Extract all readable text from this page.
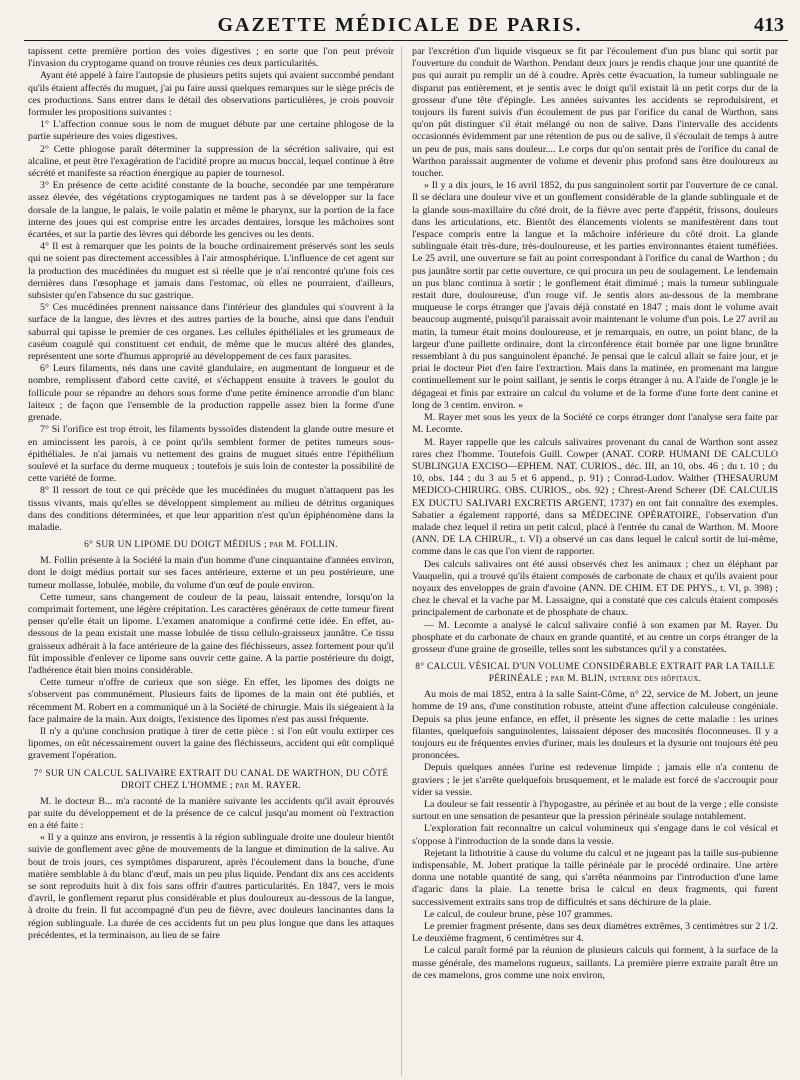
GAZETTE MÉDICALE DE PARIS.	413

tapissent cette première portion des voies digestives ; en sorte que l'on peut prévoir l'invasion du cryptogame quand on trouve réunies ces deux particularités.

Ayant été appelé à faire l'autopsie de plusieurs petits sujets qui avaient succombé pendant qu'ils étaient affectés du muguet, j'ai pu faire aussi quelques remarques sur le siège précis de ces productions. Sans entrer dans le détail des observations particulières, je crois pouvoir formuler les propositions suivantes :

1° L'affection connue sous le nom de muguet débute par une certaine phlogose de la partie supérieure des voies digestives.

2° Cette phlogose paraît déterminer la suppression de la sécrétion salivaire, qui est alcaline, et peut être l'exagération de l'acidité propre au mucus buccal, lequel continue à être sécrété et manifeste sa réaction énergique au papier de tournesol.

3° En présence de cette acidité constante de la bouche, secondée par une température assez élevée, des végétations cryptogamiques ne tardent pas à se développer sur la face dorsale de la langue, le palais, le voile palatin et même le pharynx, sur la portion de la face interne des joues qui est comprise entre les arcades dentaires, lorsque les mâchoires sont écartées, et sur la partie des lèvres qui déborde les gencives ou les dents.

4° Il est à remarquer que les points de la bouche ordinairement préservés sont les seuls qui ne soient pas directement accessibles à l'air atmosphérique. L'influence de cet agent sur la production des mucédinées du muguet est si réelle que je n'ai rencontré qu'une fois ces dernières dans l'œsophage et jamais dans l'estomac, où elles ne pourraient, d'ailleurs, subsister qu'en l'absence du suc gastrique.

5° Ces mucédinées prennent naissance dans l'intérieur des glandules qui s'ouvrent à la surface de la langue, des lèvres et des autres parties de la bouche, ainsi que dans l'enduit saburral qui tapisse le premier de ces organes. Les cellules épithéliales et les grumeaux de caséum coagulé qui constituent cet enduit, de même que le mucus altéré des glandes, représentent une sorte d'humus approprié au développement de ces faux parasites.

6° Leurs filaments, nés dans une cavité glandulaire, en augmentant de longueur et de nombre, remplissent d'abord cette cavité, et s'échappent ensuite à travers le goulot du follicule pour se répandre au dehors sous forme d'une petite éminence arrondie d'un blanc laiteux ; de façon que l'ensemble de la production rappelle assez bien la forme d'une grenade.

7° Si l'orifice est trop étroit, les filaments byssoïdes distendent la glande outre mesure et en amincissent les parois, à ce point qu'ils semblent former de petites tumeurs sous-épithéliales. Je n'ai jamais vu nettement des grains de muguet situés entre l'épithélium soulevé et la surface du derme muqueux ; toutefois je suis loin de contester la possibilité de cette variété de forme.

8° Il ressort de tout ce qui précède que les mucédinées du muguet n'attaquent pas les tissus vivants, mais qu'elles se développent simplement au milieu de détritus organiques dans des conditions déterminées, et que leur apparition n'est qu'un épiphénomène dans la maladie.

6° SUR UN LIPOME DU DOIGT MÉDIUS ; par M. FOLLIN.

M. Follin présente à la Société la main d'un homme d'une cinquantaine d'années environ, dont le doigt médius portait sur ses faces antérieure, externe et un peu postérieure, une tumeur mollasse, lobulée, mobile, du volume d'un œuf de poule environ.

Cette tumeur, sans changement de couleur de la peau, laissait entendre, lorsqu'on la comprimait fortement, une légère crépitation. Les caractères généraux de cette tumeur firent penser qu'elle était un lipome. L'examen anatomique a confirmé cette idée. En effet, au-dessous de la peau existait une masse lobulée de tissu cellulo-graisseux jaunâtre. Ce tissu graisseux adhérait à la face antérieure de la gaine des fléchisseurs, assez fortement pour qu'il fût impossible d'enlever ce lipome sans ouvrir cette gaine. A la partie postérieure du doigt, l'adhérence était bien moins considérable.

Cette tumeur n'offre de curieux que son siège. En effet, les lipomes des doigts ne s'observent pas communément. Plusieurs faits de lipomes de la main ont été publiés, et récemment M. Robert en a communiqué un à la Société de chirurgie. Mais ils siégeaient à la face palmaire de la main. Aux doigts, l'existence des lipomes n'est pas aussi fréquente.

Il n'y a qu'une conclusion pratique à tirer de cette pièce : si l'on eût voulu extirper ces lipomes, on eût nécessairement ouvert la gaine des fléchisseurs, accident qui eût compliqué gravement l'opération.

7° SUR UN CALCUL SALIVAIRE EXTRAIT DU CANAL DE WARTHON, DU CÔTÉ DROIT CHEZ L'HOMME ; par M. RAYER.

M. le docteur B... m'a raconté de la manière suivante les accidents qu'il avait éprouvés par suite du développement et de la présence de ce calcul jusqu'au moment où l'extraction en a été faite :

« Il y a quinze ans environ, je ressentis à la région sublinguale droite une douleur bientôt suivie de gonflement avec gêne de mouvements de la langue et diminution de la salive. Au bout de trois jours, ces symptômes disparurent, après l'écoulement dans la bouche, d'une matière semblable à du blanc d'œuf, mais un peu plus liquide. Pendant dix ans ces accidents se sont reproduits huit à dix fois sans offrir d'autres particularités. En 1847, vers le mois d'avril, le gonflement reparut plus considérable et plus douloureux au-dessous de la langue, à droite du frein. Il fut accompagné d'un peu de fièvre, avec douleurs lancinantes dans la région sublinguale. La durée de ces accidents fut un peu plus longue que dans les attaques précédentes, et la terminaison, au lieu de se faire

par l'excrétion d'un liquide visqueux se fit par l'écoulement d'un pus blanc qui sortit par l'ouverture du conduit de Warthon. Pendant deux jours je rendis chaque jour une quantité de pus qui aurait pu remplir un dé à coudre. Après cette évacuation, la tumeur sublinguale ne disparut pas entièrement, et je sentis avec le doigt qu'il existait là un petit corps dur de la grosseur d'une tête d'épingle. Les années suivantes les accidents se reproduisirent, et toujours ils furent suivis d'un écoulement de pus par l'orifice du canal de Warthon, sans qu'on pût distinguer s'il était mélangé ou non de salive. Dans l'intervalle des accidents occasionnés évidemment par une rétention de pus ou de salive, il s'écoulait de temps à autre un peu de pus, mais sans douleur.... Le corps dur qu'on sentait près de l'orifice du canal de Warthon paraissait augmenter de volume et devenir plus profond sans être douloureux au toucher.

» Il y a dix jours, le 16 avril 1852, du pus sanguinolent sortit par l'ouverture de ce canal. Il se déclara une douleur vive et un gonflement considérable de la glande sublinguale et de la glande sous-maxillaire du côté droit, de la fièvre avec perte d'appétit, frissons, douleurs dans les articulations, etc. Bientôt des élancements violents se manifestèrent dans tout l'espace compris entre la langue et la mâchoire inférieure du côté droit. La glande sublinguale était très-dure, très-douloureuse, et les parties environnantes étaient tuméfiées. Le 25 avril, une ouverture se fait au point correspondant à l'orifice du canal de Warthon ; du pus jaunâtre sortit par cette ouverture, ce qui procura un peu de soulagement. Le lendemain un pus blanc continua à sortir ; le gonflement était diminué ; mais la tumeur sublinguale restait dure, douloureuse, d'un rouge vif. Je sentis alors au-dessous de la membrane muqueuse le corps étranger que j'avais déjà constaté en 1847 ; mais dont le volume avait beaucoup augmenté, puisqu'il paraissait avoir maintenant le volume d'un pois. Le 27 avril au matin, la tumeur était moins douloureuse, et je remarquais, en outre, un point blanc, de la largeur d'une paillette ordinaire, dont la circonférence était bornée par une ligne brunâtre ressemblant à du pus sanguinolent épanché. Je pensai que le calcul allait se faire jour, et je priai le docteur Piet d'en faire l'extraction. Mais dans la matinée, en promenant ma langue continuellement sur le point saillant, je sentis le corps étranger à nu. A l'aide de l'ongle je le dégageai et finis par extraire un calcul du volume et de la forme d'une forte dent canine et long de 3 centim. environ. »

M. Rayer met sous les yeux de la Société ce corps étranger dont l'analyse sera faite par M. Lecomte.

M. Rayer rappelle que les calculs salivaires provenant du canal de Warthon sont assez rares chez l'homme. Toutefois Guill. Cowper (ANAT. CORP. HUMANI DE CALCULO SUBLINGUA EXCISO—EPHEM. NAT. CURIOS., déc. III, an 10, obs. 46 ; du t. 10 ; du 10, obs. 144 ; du 3 au 5 et 6 append., p. 91) ; Conrad-Ludov. Walther (THESAURUM MEDICO-CHIRURG. OBS. CURIOS., obs. 92) ; Chrest-Arend Scherer (DE CALCULIS EX DUCTU SALIVARI EXCRETIS ARGENT, 1737) en ont fait connaître des exemples. Sabatier a également rapporté, dans sa MÉDECINE OPÉRATOIRE, l'observation d'un malade chez lequel il retira un petit calcul, placé à l'entrée du canal de Warthon. M. Moore (ANN. DE LA CHIRUR., t. VI) a observé un cas dans lequel le calcul sortit de lui-même, comme dans le cas que l'on vient de rapporter.

Des calculs salivaires ont été aussi observés chez les animaux ; chez un éléphant par Vauquelin, qui a trouvé qu'ils étaient composés de carbonate de chaux et qu'ils avaient pour noyaux des enveloppes de grain d'avoine (ANN. DE CHIM. ET DE PHYS., t. VI, p. 398) ; chez le cheval et la vache par M. Lassaigne, qui a constaté que ces calculs étaient composés principalement de carbonate et de phosphate de chaux.

— M. Lecomte a analysé le calcul salivaire confié à son examen par M. Rayer. Du phosphate et du carbonate de chaux en grande quantité, et au centre un corps étranger de la grosseur d'une graine de groseille, telles sont les substances qu'il y a constatées.

8° CALCUL VÉSICAL D'UN VOLUME CONSIDÉRABLE EXTRAIT PAR LA TAILLE PÉRINÉALE ; par M. BLIN, interne des hôpitaux.

Au mois de mai 1852, entra à la salle Saint-Côme, n° 22, service de M. Jobert, un jeune homme de 19 ans, d'une constitution robuste, atteint d'une affection calculeuse congéniale. Depuis sa plus jeune enfance, en effet, il présente les signes de cette maladie : les urines filantes, quelquefois sanguinolentes, laissaient déposer des mucosités floconneuses. Il y a toujours eu de fréquentes envies d'uriner, mais les douleurs et la dysurie ont toujours été peu prononcées.

Depuis quelques années l'urine est redevenue limpide ; jamais elle n'a contenu de graviers ; le jet s'arrête quelquefois brusquement, et le malade est forcé de s'accroupir pour vider sa vessie.

La douleur se fait ressentir à l'hypogastre, au périnée et au bout de la verge ; elle consiste surtout en une sensation de pesanteur que la pression périnéale soulage notablement.

L'exploration fait reconnaître un calcul volumineux qui s'engage dans le col vésical et s'oppose à l'introduction de la sonde dans la vessie.

Rejetant la lithotritie à cause du volume du calcul et ne jugeant pas la taille sus-pubienne indispensable, M. Jobert pratique la taille périnéale par le procédé ordinaire. Une artère donna une notable quantité de sang, qui s'arrêta néanmoins par l'introduction d'une lame d'agaric dans la plaie. La tenette brisa le calcul en deux fragments, qui furent successivement extraits sans trop de difficultés et sans déchirure de la plaie.

Le calcul, de couleur brune, pèse 107 grammes.

Le premier fragment présente, dans ses deux diamètres extrêmes, 3 centimètres sur 2 1/2. Le deuxième fragment, 6 centimètres sur 4.

Le calcul paraît formé par la réunion de plusieurs calculs qui forment, à la surface de la masse générale, des mamelons rugueux, saillants. La première pierre extraite paraît être un de ces mamelons, gros comme une noix environ,
